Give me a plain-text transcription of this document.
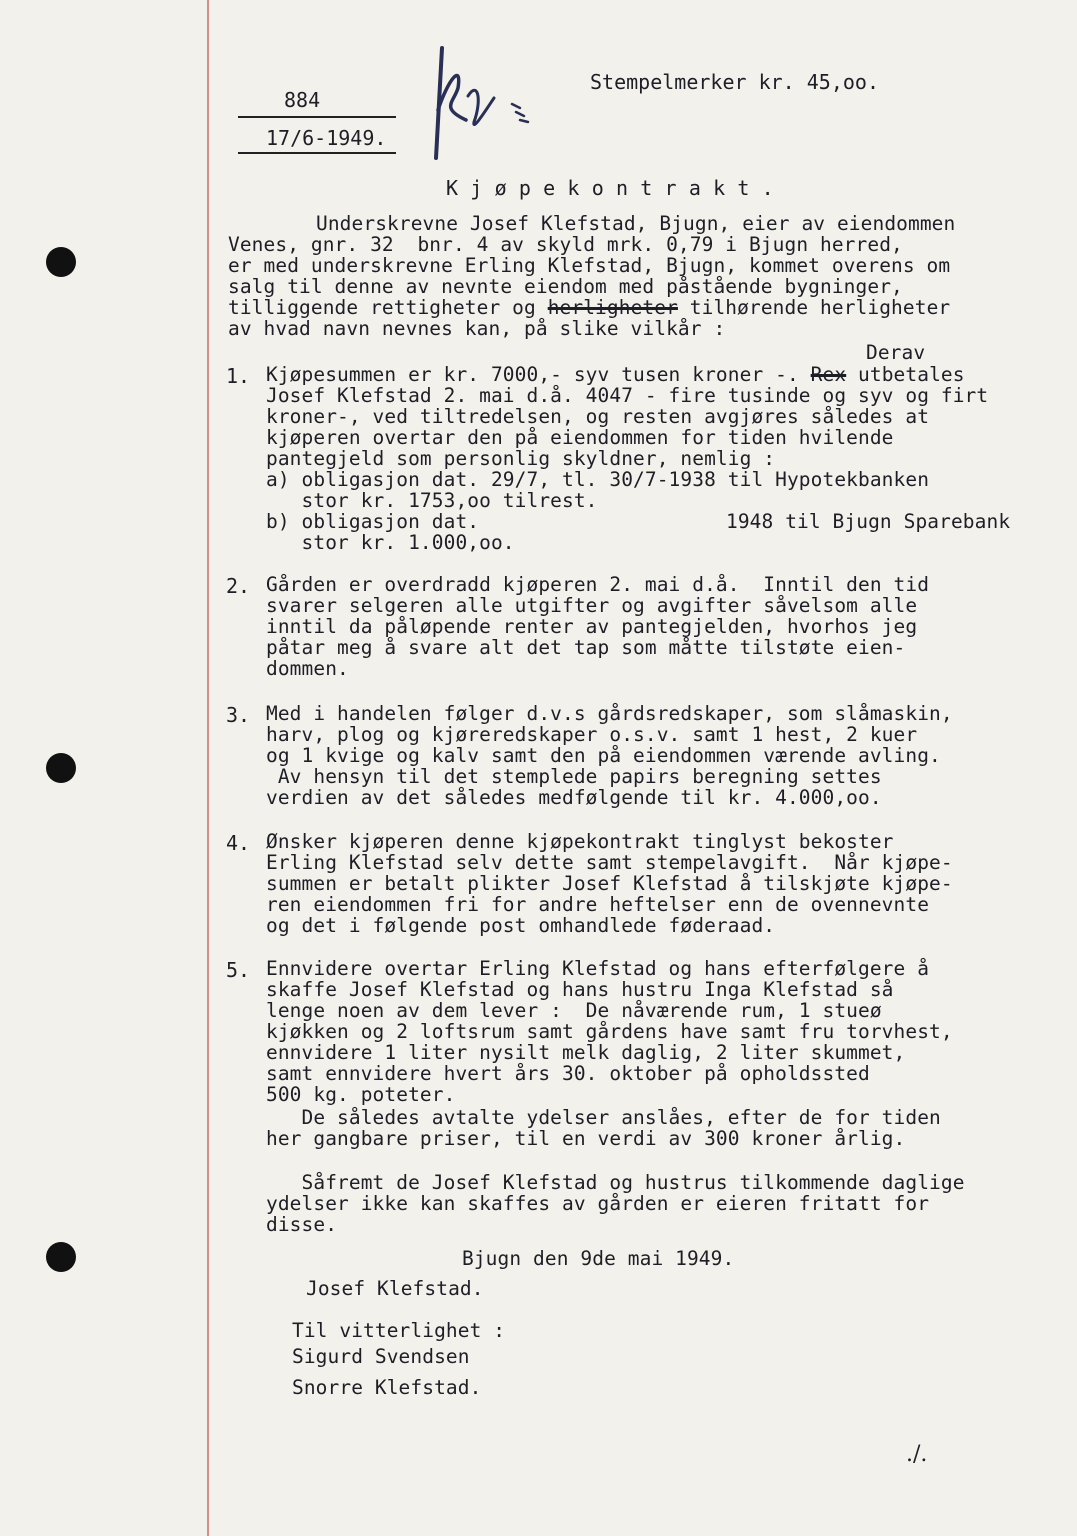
884
17/6-1949.
Stempelmerker kr. 45,oo.
K j ø p e k o n t r a k t .
Underskrevne Josef Klefstad, Bjugn, eier av eiendommen
Venes, gnr. 32  bnr. 4 av skyld mrk. 0,79 i Bjugn herred,
er med underskrevne Erling Klefstad, Bjugn, kommet overens om
salg til denne av nevnte eiendom med påstående bygninger,
tilliggende rettigheter og herligheter tilhørende herligheter
av hvad navn nevnes kan, på slike vilkår :
Derav
1. Kjøpesummen er kr. 7000,- syv tusen kroner -. Rex utbetales
Josef Klefstad 2. mai d.å. 4047 - fire tusinde og syv og firt
kroner-, ved tiltredelsen, og resten avgjøres således at
kjøperen overtar den på eiendommen for tiden hvilende
pantegjeld som personlig skyldner, nemlig :
a) obligasjon dat. 29/7, tl. 30/7-1938 til Hypotekbanken
stor kr. 1753,oo tilrest.
b) obligasjon dat.	1948 til Bjugn Sparebank
stor kr. 1.000,oo.
2. Gården er overdradd kjøperen 2. mai d.å.  Inntil den tid
svarer selgeren alle utgifter og avgifter såvelsom alle
inntil da påløpende renter av pantegjelden, hvorhos jeg
påtar meg å svare alt det tap som måtte tilstøte eien-
dommen.
3. Med i handelen følger d.v.s gårdsredskaper, som slåmaskin,
harv, plog og kjøreredskaper o.s.v. samt 1 hest, 2 kuer
og 1 kvige og kalv samt den på eiendommen værende avling.
Av hensyn til det stemplede papirs beregning settes
verdien av det således medfølgende til kr. 4.000,oo.
4. Ønsker kjøperen denne kjøpekontrakt tinglyst bekoster
Erling Klefstad selv dette samt stempelavgift.  Når kjøpe-
summen er betalt plikter Josef Klefstad å tilskjøte kjøpe-
ren eiendommen fri for andre heftelser enn de ovennevnte
og det i følgende post omhandlede føderaad.
5. Ennvidere overtar Erling Klefstad og hans efterfølgere å
skaffe Josef Klefstad og hans hustru Inga Klefstad så
lenge noen av dem lever :  De nåværende rum, 1 stueø
kjøkken og 2 loftsrum samt gårdens have samt fru torvhest,
ennvidere 1 liter nysilt melk daglig, 2 liter skummet,
samt ennvidere hvert års 30. oktober på opholdssted
500 kg. poteter.
De således avtalte ydelser anslåes, efter de for tiden
her gangbare priser, til en verdi av 300 kroner årlig.
Såfremt de Josef Klefstad og hustrus tilkommende daglige
ydelser ikke kan skaffes av gården er eieren fritatt for
disse.
Bjugn den 9de mai 1949.
Josef Klefstad.
Til vitterlighet :
Sigurd Svendsen
Snorre Klefstad.
./.
